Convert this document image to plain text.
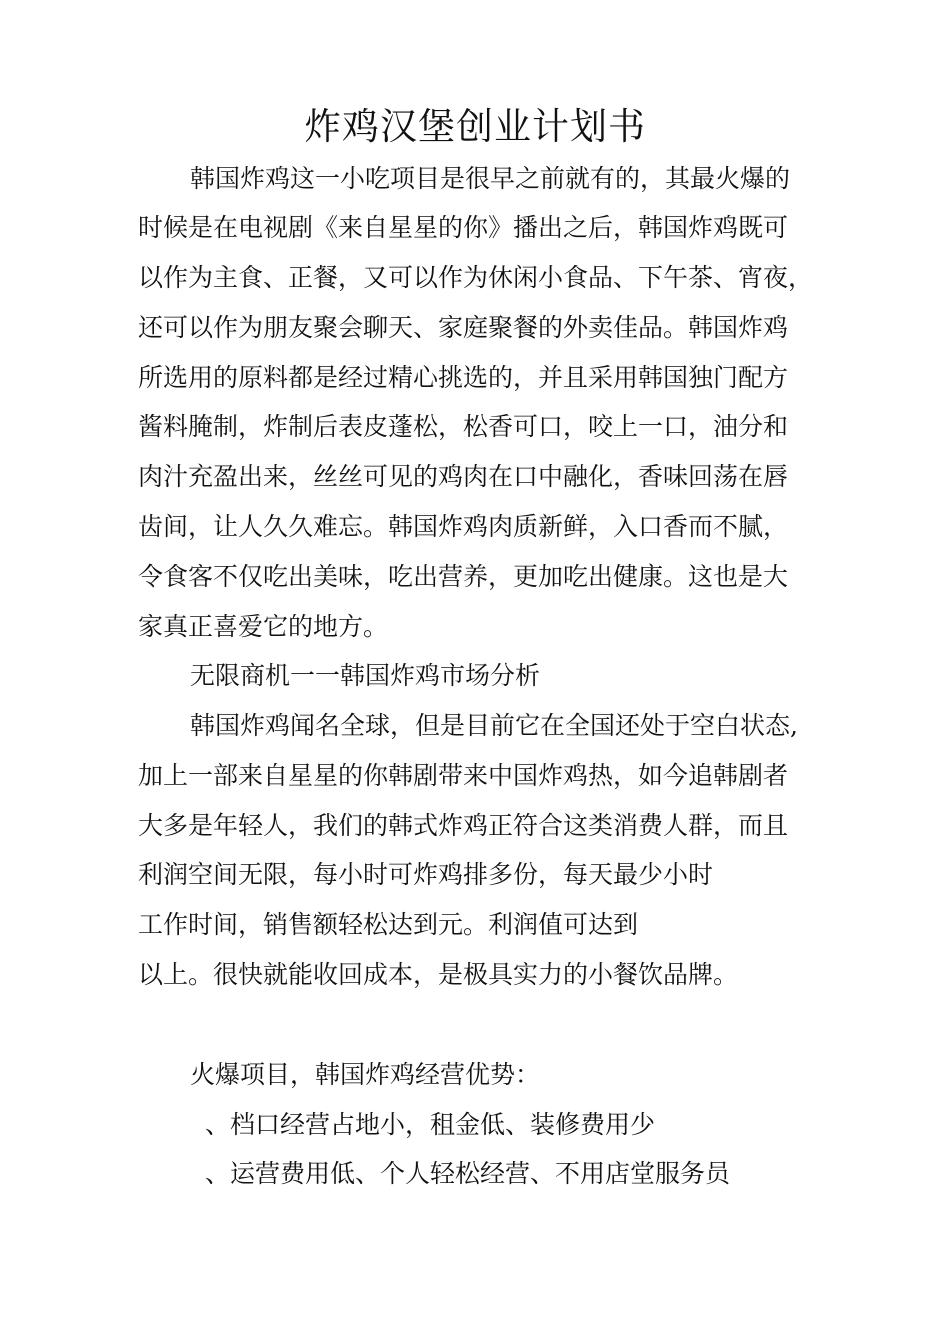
炸鸡汉堡创业计划书
韩国炸鸡这一小吃项目是很早之前就有的，其最火爆的
时候是在电视剧《来自星星的你》播出之后，韩国炸鸡既可
以作为主食、正餐，又可以作为休闲小食品、下午茶、宵夜，
还可以作为朋友聚会聊天、家庭聚餐的外卖佳品。韩国炸鸡
所选用的原料都是经过精心挑选的，并且采用韩国独门配方
酱料腌制，炸制后表皮蓬松，松香可口，咬上一口，油分和
肉汁充盈出来，丝丝可见的鸡肉在口中融化，香味回荡在唇
齿间，让人久久难忘。韩国炸鸡肉质新鲜，入口香而不腻，
令食客不仅吃出美味，吃出营养，更加吃出健康。这也是大
家真正喜爱它的地方。
无限商机一一韩国炸鸡市场分析
韩国炸鸡闻名全球，但是目前它在全国还处于空白状态,
加上一部来自星星的你韩剧带来中国炸鸡热，如今追韩剧者
大多是年轻人，我们的韩式炸鸡正符合这类消费人群，而且
利润空间无限，每小时可炸鸡排多份，每天最少小时
工作时间，销售额轻松达到元。利润值可达到
以上。很快就能收回成本，是极具实力的小餐饮品牌。
火爆项目，韩国炸鸡经营优势：
、档口经营占地小，租金低、装修费用少
、运营费用低、个人轻松经营、不用店堂服务员
